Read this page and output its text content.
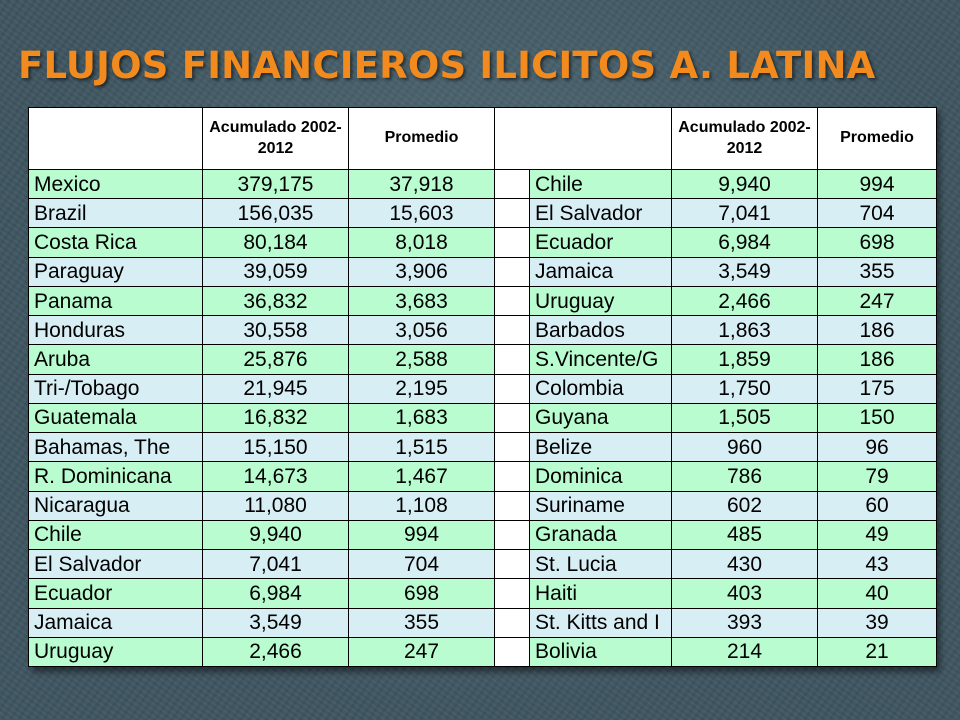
FLUJOS FINANCIEROS ILICITOS A. LATINA
	Acumulado 2002-2012	Promedio			Acumulado 2002-2012	Promedio
Mexico	379,175	37,918		Chile	9,940	994
Brazil	156,035	15,603		El Salvador	7,041	704
Costa Rica	80,184	8,018		Ecuador	6,984	698
Paraguay	39,059	3,906		Jamaica	3,549	355
Panama	36,832	3,683		Uruguay	2,466	247
Honduras	30,558	3,056		Barbados	1,863	186
Aruba	25,876	2,588		S.Vincente/G	1,859	186
Tri-/Tobago	21,945	2,195		Colombia	1,750	175
Guatemala	16,832	1,683		Guyana	1,505	150
Bahamas, The	15,150	1,515		Belize	960	96
R. Dominicana	14,673	1,467		Dominica	786	79
Nicaragua	11,080	1,108		Suriname	602	60
Chile	9,940	994		Granada	485	49
El Salvador	7,041	704		St. Lucia	430	43
Ecuador	6,984	698		Haiti	403	40
Jamaica	3,549	355		St. Kitts and I	393	39
Uruguay	2,466	247		Bolivia	214	21
